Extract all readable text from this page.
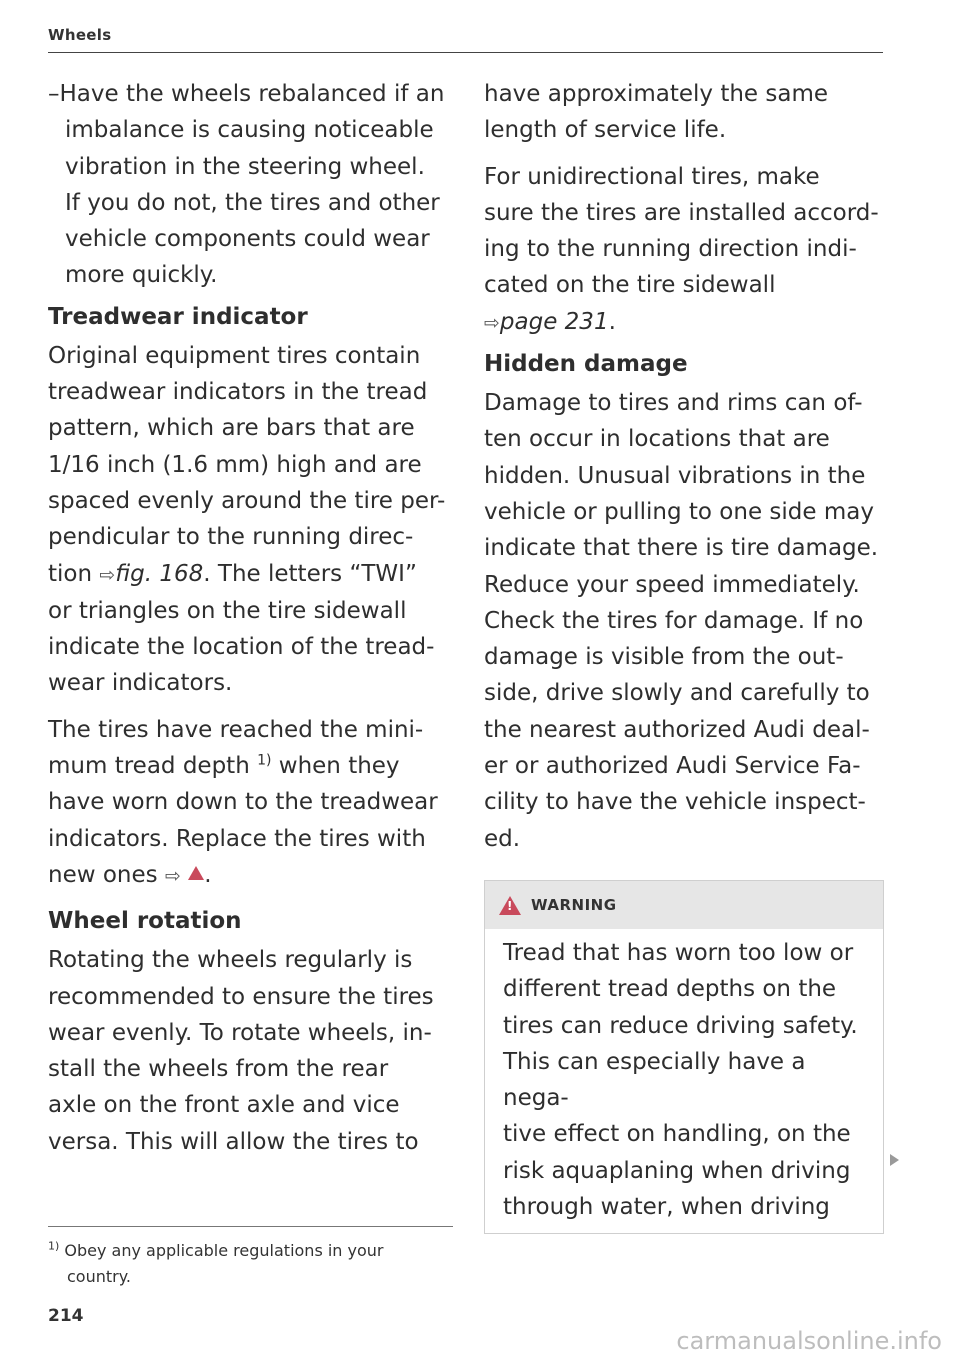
Wheels
–Have the wheels rebalanced if an
imbalance is causing noticeable
vibration in the steering wheel.
If you do not, the tires and other
vehicle components could wear
more quickly.
Treadwear indicator
Original equipment tires contain
treadwear indicators in the tread
pattern, which are bars that are
1/16 inch (1.6 mm) high and are
spaced evenly around the tire per-
pendicular to the running direc-
tion ⇨fig. 168. The letters “TWI”
or triangles on the tire sidewall
indicate the location of the tread-
wear indicators.
The tires have reached the mini-
mum tread depth $^{1)}$ when they
have worn down to the treadwear
indicators. Replace the tires with
new ones ⇨ .
Wheel rotation
Rotating the wheels regularly is
recommended to ensure the tires
wear evenly. To rotate wheels, in-
stall the wheels from the rear
axle on the front axle and vice
versa. This will allow the tires to
have approximately the same
length of service life.
For unidirectional tires, make
sure the tires are installed accord-
ing to the running direction indi-
cated on the tire sidewall
⇨page 231.
Hidden damage
Damage to tires and rims can of-
ten occur in locations that are
hidden. Unusual vibrations in the
vehicle or pulling to one side may
indicate that there is tire damage.
Reduce your speed immediately.
Check the tires for damage. If no
damage is visible from the out-
side, drive slowly and carefully to
the nearest authorized Audi deal-
er or authorized Audi Service Fa-
cility to have the vehicle inspect-
ed.
!
WARNING
Tread that has worn too low or
different tread depths on the
tires can reduce driving safety.
This can especially have a nega-
tive effect on handling, on the
risk aquaplaning when driving
through water, when driving
$^{1)}$ Obey any applicable regulations in your
country.
214
carmanualsonline.info
